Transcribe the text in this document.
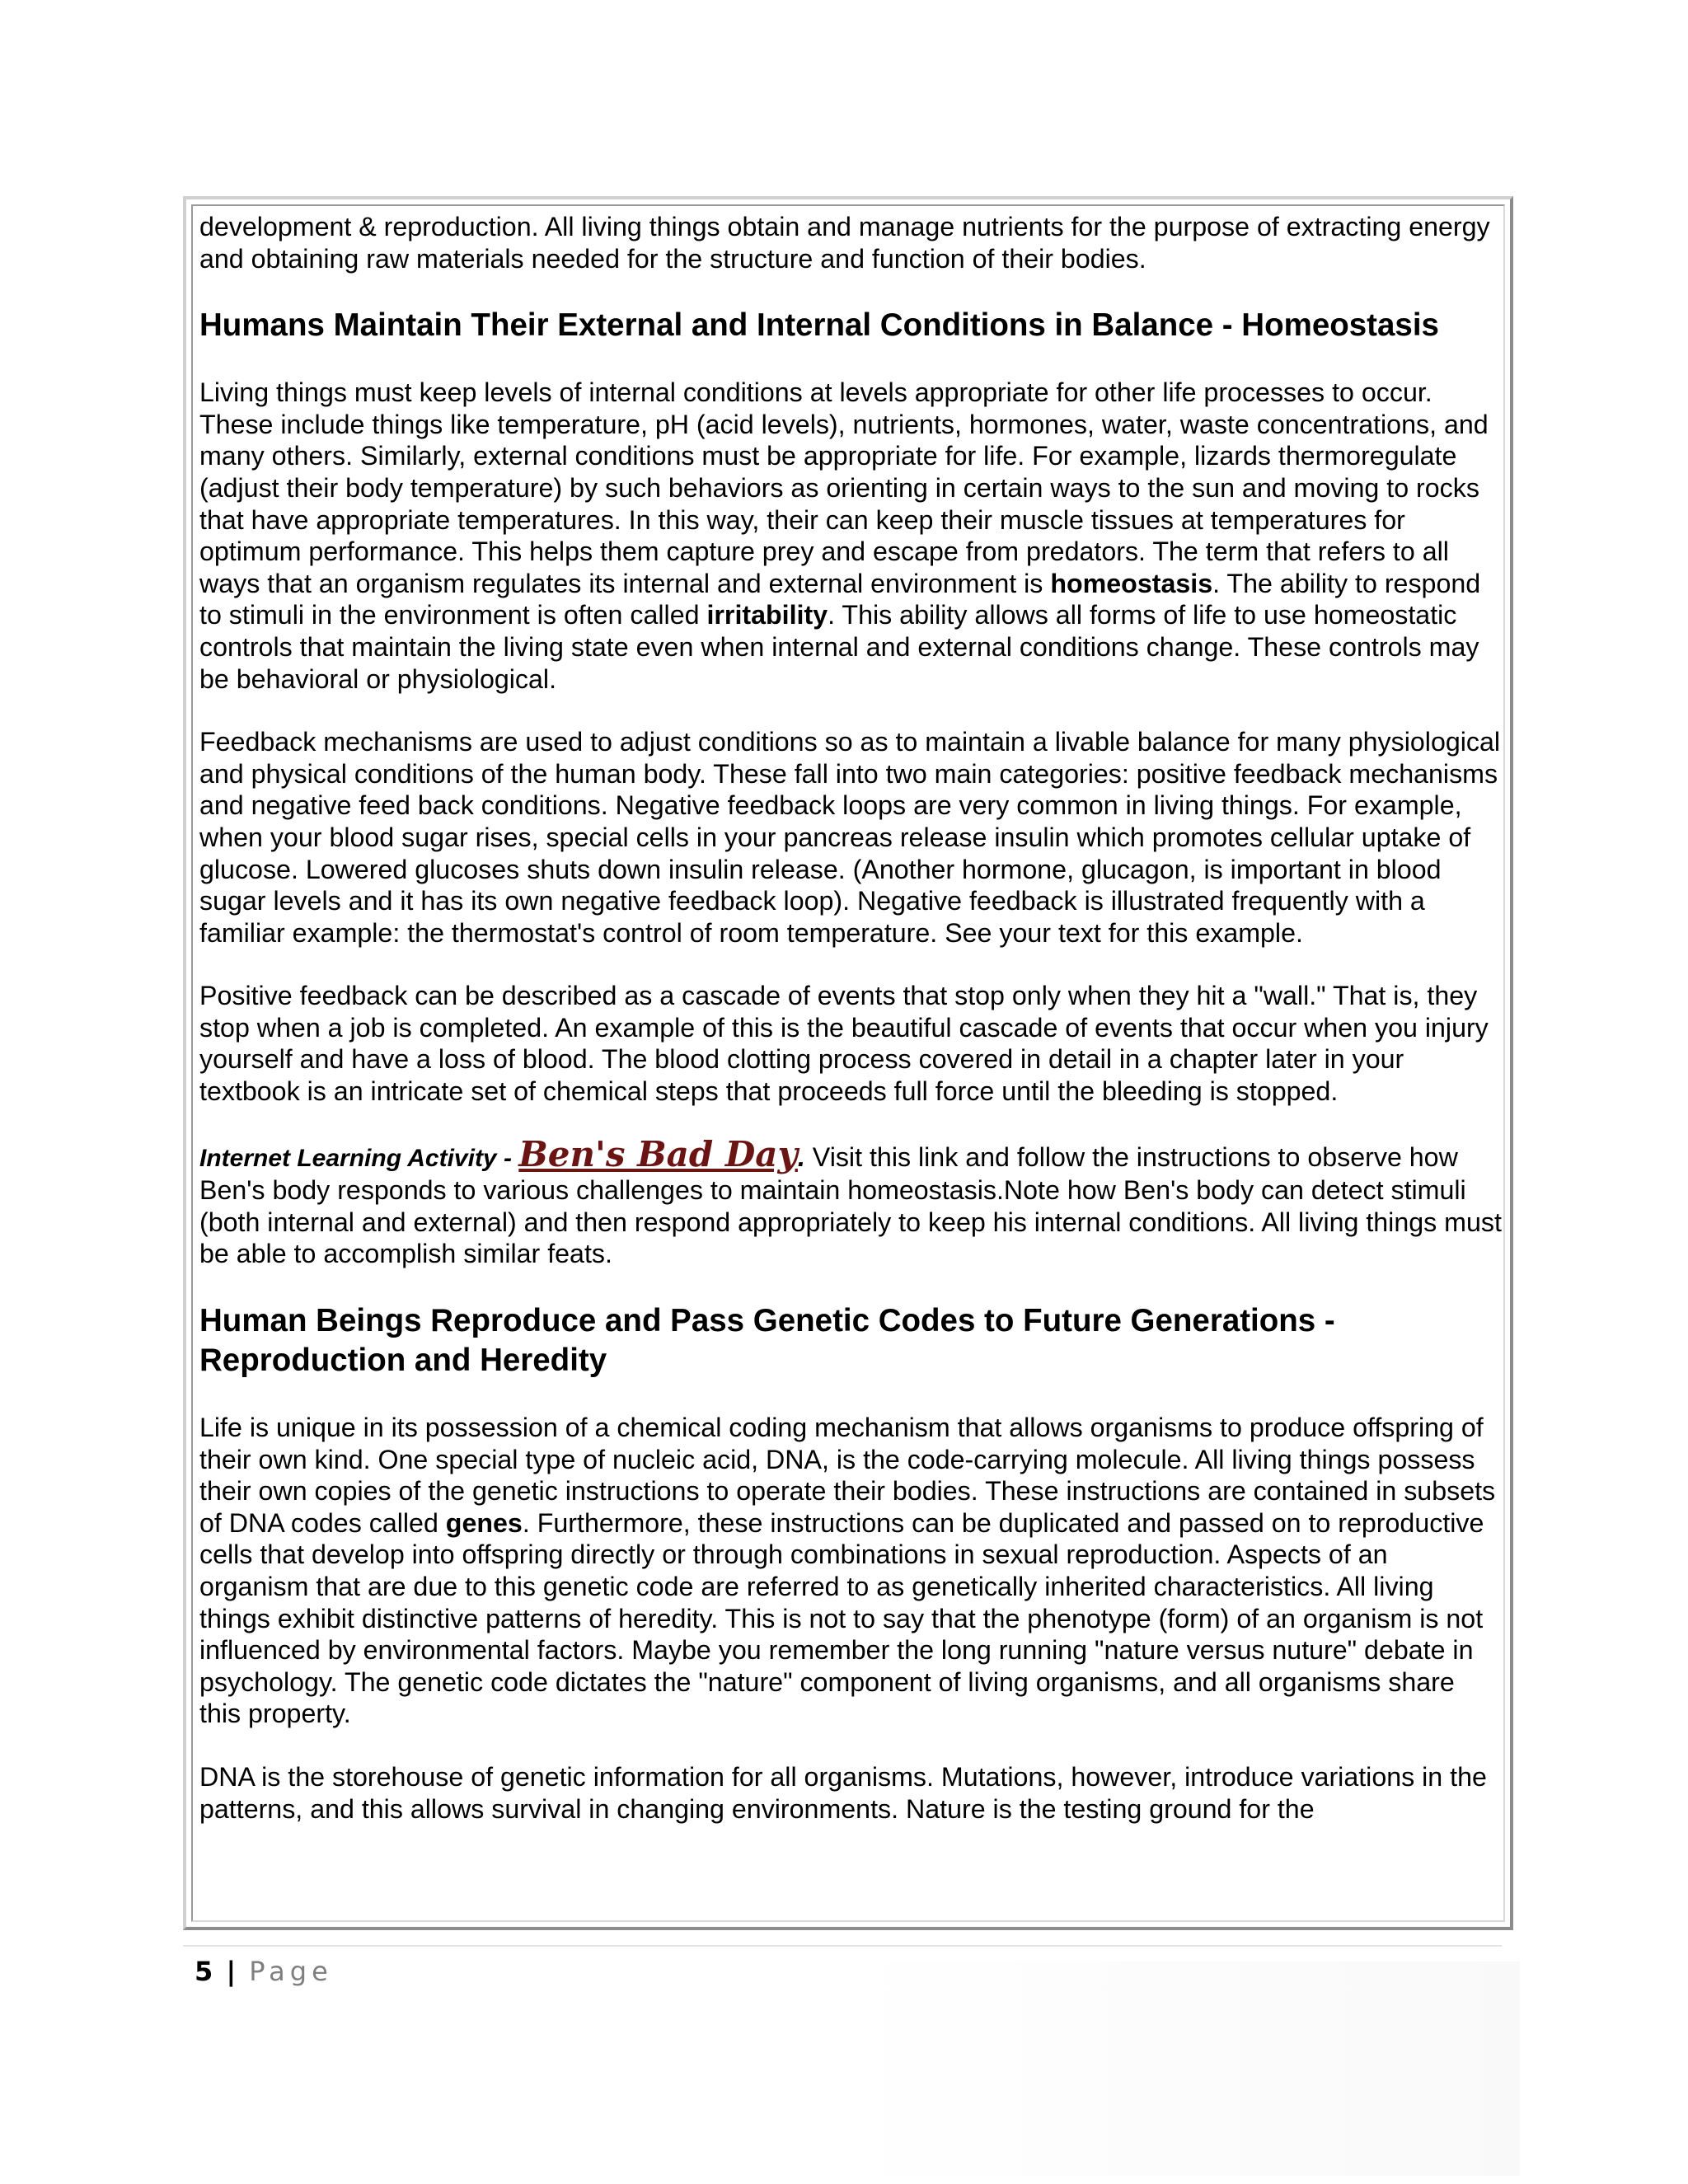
development & reproduction. All living things obtain and manage nutrients for the purpose of extracting energy and obtaining raw materials needed for the structure and function of their bodies.

Humans Maintain Their External and Internal Conditions in Balance - Homeostasis

Living things must keep levels of internal conditions at levels appropriate for other life processes to occur. These include things like temperature, pH (acid levels), nutrients, hormones, water, waste concentrations, and many others. Similarly, external conditions must be appropriate for life. For example, lizards thermoregulate (adjust their body temperature) by such behaviors as orienting in certain ways to the sun and moving to rocks that have appropriate temperatures. In this way, their can keep their muscle tissues at temperatures for optimum performance. This helps them capture prey and escape from predators. The term that refers to all ways that an organism regulates its internal and external environment is homeostasis. The ability to respond to stimuli in the environment is often called irritability. This ability allows all forms of life to use homeostatic controls that maintain the living state even when internal and external conditions change. These controls may be behavioral or physiological.

Feedback mechanisms are used to adjust conditions so as to maintain a livable balance for many physiological and physical conditions of the human body. These fall into two main categories: positive feedback mechanisms and negative feed back conditions. Negative feedback loops are very common in living things. For example, when your blood sugar rises, special cells in your pancreas release insulin which promotes cellular uptake of glucose. Lowered glucoses shuts down insulin release. (Another hormone, glucagon, is important in blood sugar levels and it has its own negative feedback loop). Negative feedback is illustrated frequently with a familiar example: the thermostat's control of room temperature. See your text for this example.

Positive feedback can be described as a cascade of events that stop only when they hit a "wall." That is, they stop when a job is completed. An example of this is the beautiful cascade of events that occur when you injury yourself and have a loss of blood. The blood clotting process covered in detail in a chapter later in your textbook is an intricate set of chemical steps that proceeds full force until the bleeding is stopped.

Internet Learning Activity - Ben's Bad Day. Visit this link and follow the instructions to observe how Ben's body responds to various challenges to maintain homeostasis.Note how Ben's body can detect stimuli (both internal and external) and then respond appropriately to keep his internal conditions. All living things must be able to accomplish similar feats.

Human Beings Reproduce and Pass Genetic Codes to Future Generations - Reproduction and Heredity

Life is unique in its possession of a chemical coding mechanism that allows organisms to produce offspring of their own kind. One special type of nucleic acid, DNA, is the code-carrying molecule. All living things possess their own copies of the genetic instructions to operate their bodies. These instructions are contained in subsets of DNA codes called genes. Furthermore, these instructions can be duplicated and passed on to reproductive cells that develop into offspring directly or through combinations in sexual reproduction. Aspects of an organism that are due to this genetic code are referred to as genetically inherited characteristics. All living things exhibit distinctive patterns of heredity. This is not to say that the phenotype (form) of an organism is not influenced by environmental factors. Maybe you remember the long running "nature versus nuture" debate in psychology. The genetic code dictates the "nature" component of living organisms, and all organisms share this property.

DNA is the storehouse of genetic information for all organisms. Mutations, however, introduce variations in the patterns, and this allows survival in changing environments. Nature is the testing ground for the

5 | Page
